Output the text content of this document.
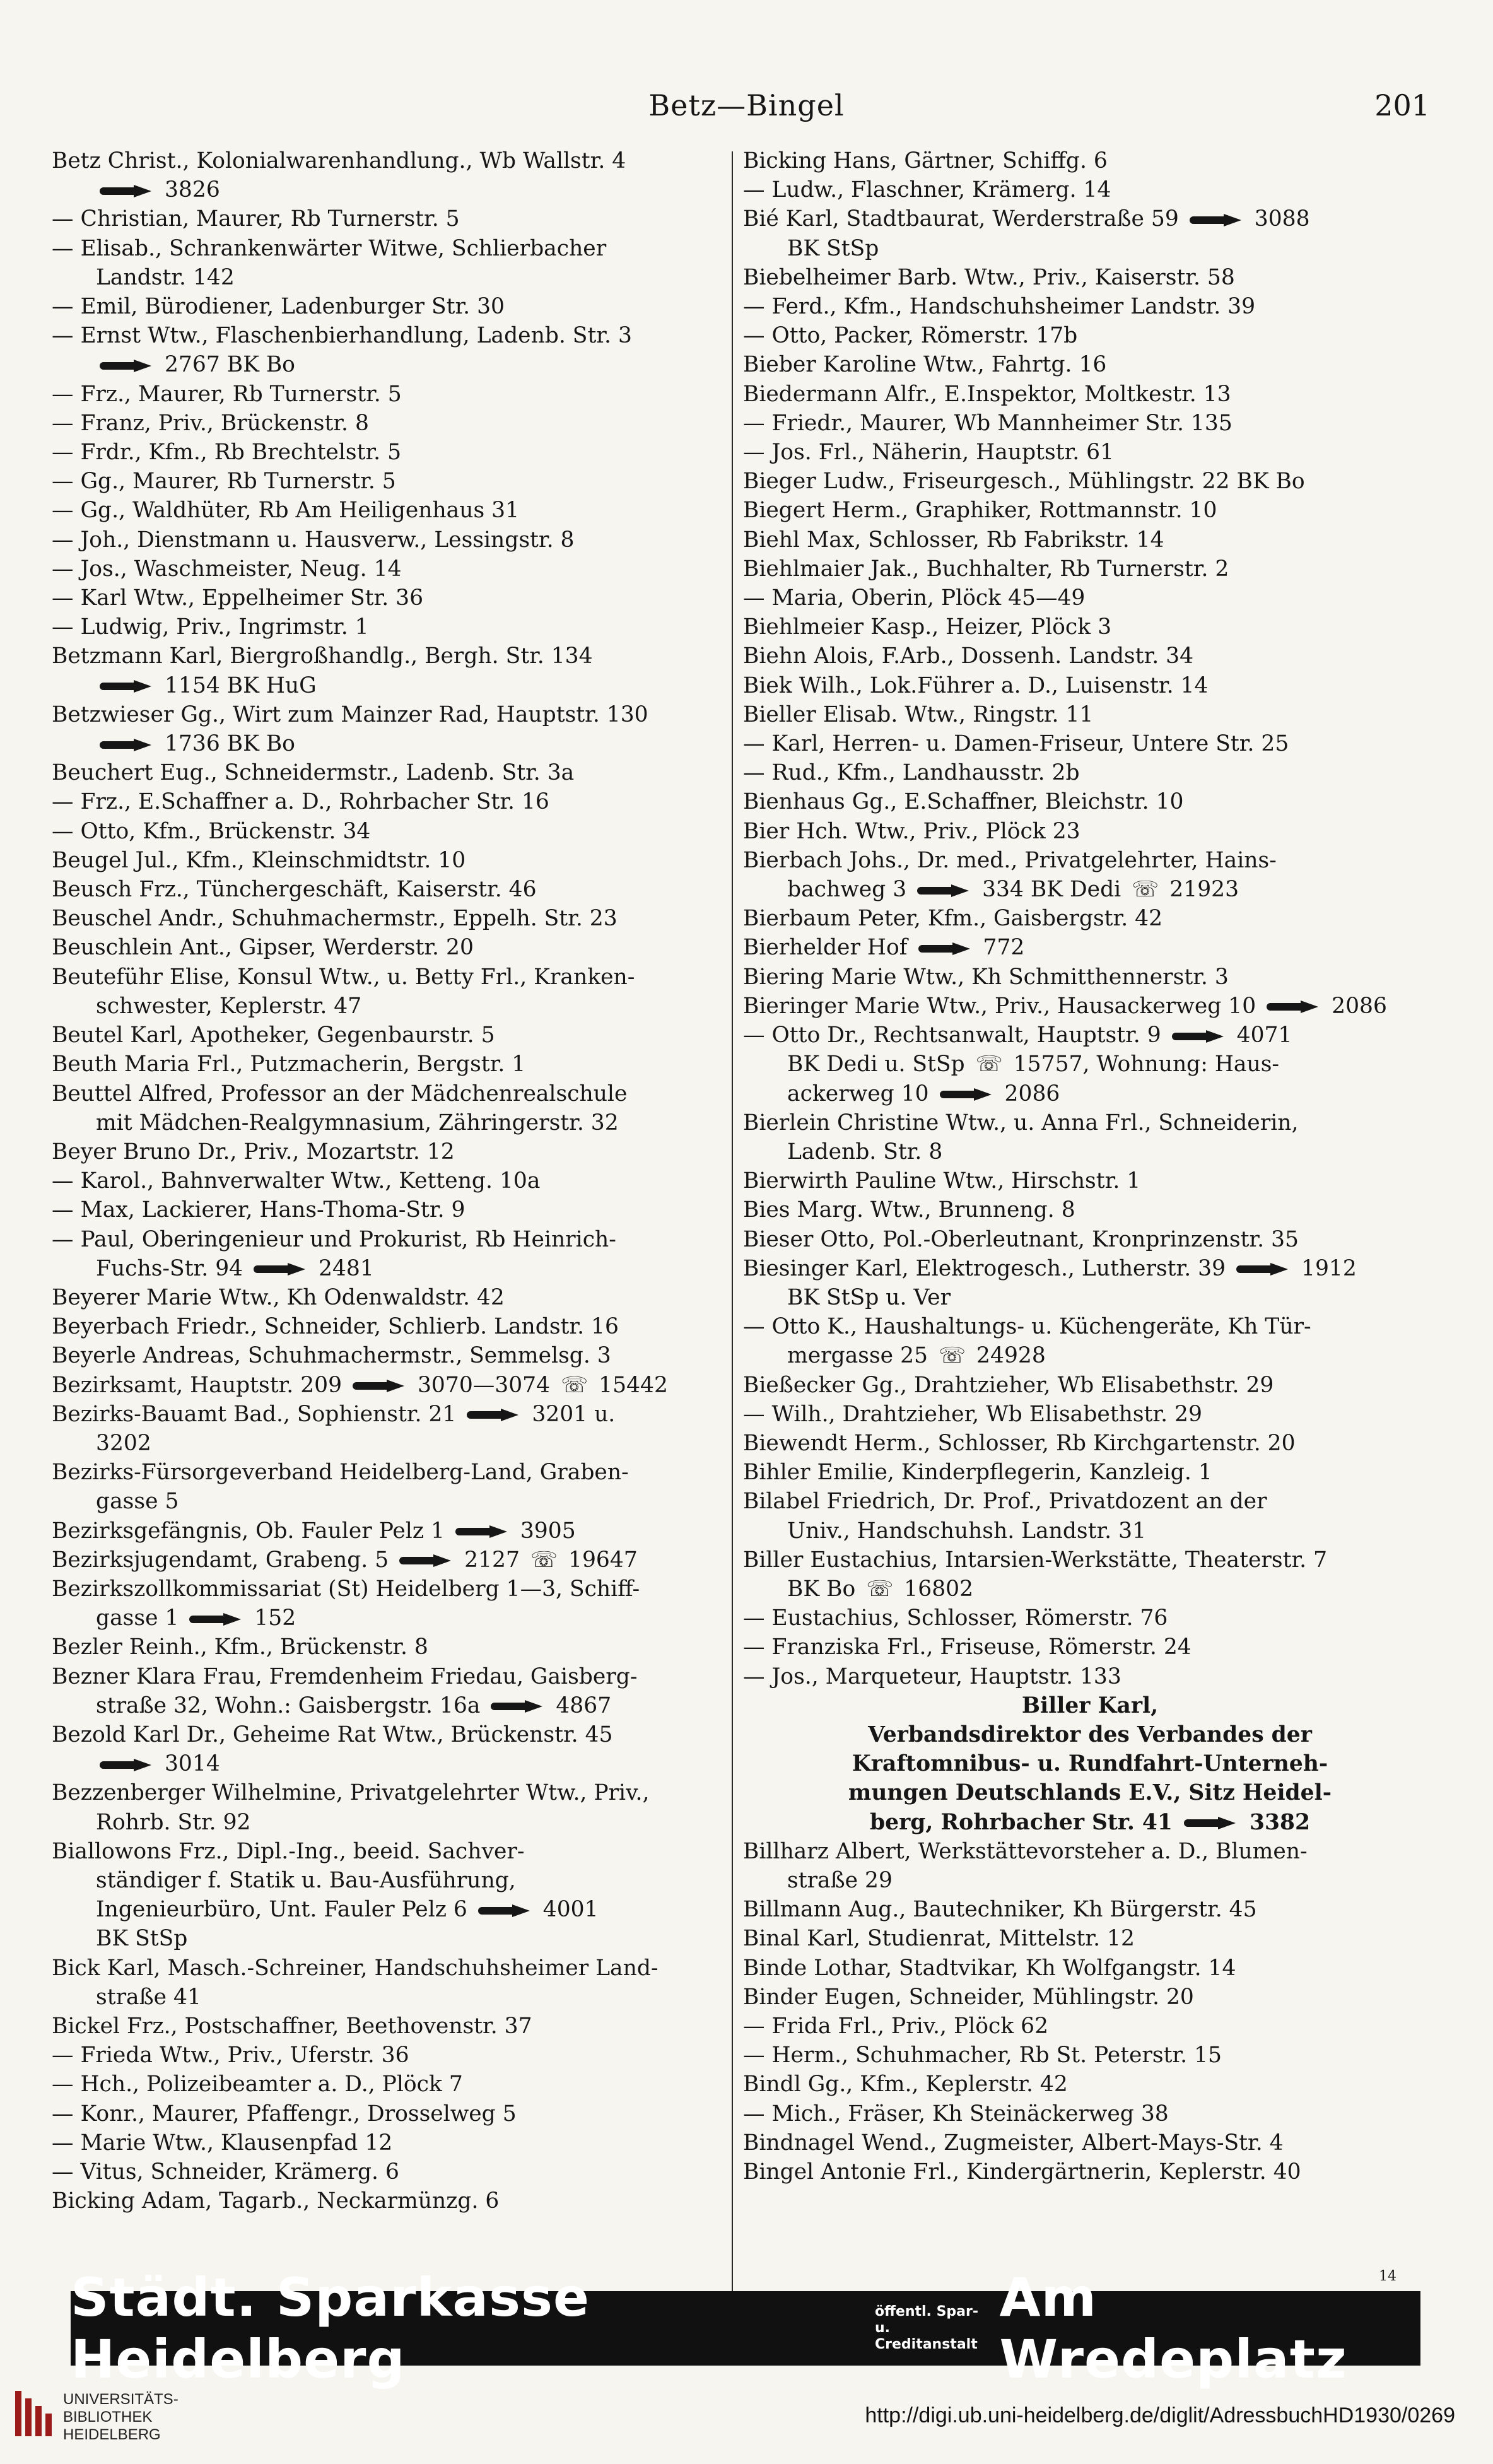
Betz—Bingel	201
Betz Christ., Kolonialwarenhandlung., Wb Wallstr. 4
3826
— Christian, Maurer, Rb Turnerstr. 5
— Elisab., Schrankenwärter Witwe, Schlierbacher
Landstr. 142
— Emil, Bürodiener, Ladenburger Str. 30
— Ernst Wtw., Flaschenbierhandlung, Ladenb. Str. 3
2767 BK Bo
— Frz., Maurer, Rb Turnerstr. 5
— Franz, Priv., Brückenstr. 8
— Frdr., Kfm., Rb Brechtelstr. 5
— Gg., Maurer, Rb Turnerstr. 5
— Gg., Waldhüter, Rb Am Heiligenhaus 31
— Joh., Dienstmann u. Hausverw., Lessingstr. 8
— Jos., Waschmeister, Neug. 14
— Karl Wtw., Eppelheimer Str. 36
— Ludwig, Priv., Ingrimstr. 1
Betzmann Karl, Biergroßhandlg., Bergh. Str. 134
1154 BK HuG
Betzwieser Gg., Wirt zum Mainzer Rad, Hauptstr. 130
1736 BK Bo
Beuchert Eug., Schneidermstr., Ladenb. Str. 3a
— Frz., E.Schaffner a. D., Rohrbacher Str. 16
— Otto, Kfm., Brückenstr. 34
Beugel Jul., Kfm., Kleinschmidtstr. 10
Beusch Frz., Tünchergeschäft, Kaiserstr. 46
Beuschel Andr., Schuhmachermstr., Eppelh. Str. 23
Beuschlein Ant., Gipser, Werderstr. 20
Beuteführ Elise, Konsul Wtw., u. Betty Frl., Kranken-
schwester, Keplerstr. 47
Beutel Karl, Apotheker, Gegenbaurstr. 5
Beuth Maria Frl., Putzmacherin, Bergstr. 1
Beuttel Alfred, Professor an der Mädchenrealschule
mit Mädchen-Realgymnasium, Zähringerstr. 32
Beyer Bruno Dr., Priv., Mozartstr. 12
— Karol., Bahnverwalter Wtw., Ketteng. 10a
— Max, Lackierer, Hans-Thoma-Str. 9
— Paul, Oberingenieur und Prokurist, Rb Heinrich-
Fuchs-Str. 94	2481
Beyerer Marie Wtw., Kh Odenwaldstr. 42
Beyerbach Friedr., Schneider, Schlierb. Landstr. 16
Beyerle Andreas, Schuhmachermstr., Semmelsg. 3
Bezirksamt, Hauptstr. 209	3070—3074 ☏ 15442
Bezirks-Bauamt Bad., Sophienstr. 21	3201 u.
3202
Bezirks-Fürsorgeverband Heidelberg-Land, Graben-
gasse 5
Bezirksgefängnis, Ob. Fauler Pelz 1	3905
Bezirksjugendamt, Grabeng. 5	2127 ☏ 19647
Bezirkszollkommissariat (St) Heidelberg 1—3, Schiff-
gasse 1	152
Bezler Reinh., Kfm., Brückenstr. 8
Bezner Klara Frau, Fremdenheim Friedau, Gaisberg-
straße 32, Wohn.: Gaisbergstr. 16a	4867
Bezold Karl Dr., Geheime Rat Wtw., Brückenstr. 45
3014
Bezzenberger Wilhelmine, Privatgelehrter Wtw., Priv.,
Rohrb. Str. 92
Biallowons Frz., Dipl.-Ing., beeid. Sachver-
ständiger f. Statik u. Bau-Ausführung,
Ingenieurbüro, Unt. Fauler Pelz 6	4001
BK StSp
Bick Karl, Masch.-Schreiner, Handschuhsheimer Land-
straße 41
Bickel Frz., Postschaffner, Beethovenstr. 37
— Frieda Wtw., Priv., Uferstr. 36
— Hch., Polizeibeamter a. D., Plöck 7
— Konr., Maurer, Pfaffengr., Drosselweg 5
— Marie Wtw., Klausenpfad 12
— Vitus, Schneider, Krämerg. 6
Bicking Adam, Tagarb., Neckarmünzg. 6
Bicking Hans, Gärtner, Schiffg. 6
— Ludw., Flaschner, Krämerg. 14
Bié Karl, Stadtbaurat, Werderstraße 59	3088
BK StSp
Biebelheimer Barb. Wtw., Priv., Kaiserstr. 58
— Ferd., Kfm., Handschuhsheimer Landstr. 39
— Otto, Packer, Römerstr. 17b
Bieber Karoline Wtw., Fahrtg. 16
Biedermann Alfr., E.Inspektor, Moltkestr. 13
— Friedr., Maurer, Wb Mannheimer Str. 135
— Jos. Frl., Näherin, Hauptstr. 61
Bieger Ludw., Friseurgesch., Mühlingstr. 22 BK Bo
Biegert Herm., Graphiker, Rottmannstr. 10
Biehl Max, Schlosser, Rb Fabrikstr. 14
Biehlmaier Jak., Buchhalter, Rb Turnerstr. 2
— Maria, Oberin, Plöck 45—49
Biehlmeier Kasp., Heizer, Plöck 3
Biehn Alois, F.Arb., Dossenh. Landstr. 34
Biek Wilh., Lok.Führer a. D., Luisenstr. 14
Bieller Elisab. Wtw., Ringstr. 11
— Karl, Herren- u. Damen-Friseur, Untere Str. 25
— Rud., Kfm., Landhausstr. 2b
Bienhaus Gg., E.Schaffner, Bleichstr. 10
Bier Hch. Wtw., Priv., Plöck 23
Bierbach Johs., Dr. med., Privatgelehrter, Hains-
bachweg 3	334 BK Dedi ☏ 21923
Bierbaum Peter, Kfm., Gaisbergstr. 42
Bierhelder Hof	772
Biering Marie Wtw., Kh Schmitthennerstr. 3
Bieringer Marie Wtw., Priv., Hausackerweg 10	2086
— Otto Dr., Rechtsanwalt, Hauptstr. 9	4071
BK Dedi u. StSp ☏ 15757, Wohnung: Haus-
ackerweg 10	2086
Bierlein Christine Wtw., u. Anna Frl., Schneiderin,
Ladenb. Str. 8
Bierwirth Pauline Wtw., Hirschstr. 1
Bies Marg. Wtw., Brunneng. 8
Bieser Otto, Pol.-Oberleutnant, Kronprinzenstr. 35
Biesinger Karl, Elektrogesch., Lutherstr. 39	1912
BK StSp u. Ver
— Otto K., Haushaltungs- u. Küchengeräte, Kh Tür-
mergasse 25 ☏ 24928
Bießecker Gg., Drahtzieher, Wb Elisabethstr. 29
— Wilh., Drahtzieher, Wb Elisabethstr. 29
Biewendt Herm., Schlosser, Rb Kirchgartenstr. 20
Bihler Emilie, Kinderpflegerin, Kanzleig. 1
Bilabel Friedrich, Dr. Prof., Privatdozent an der
Univ., Handschuhsh. Landstr. 31
Biller Eustachius, Intarsien-Werkstätte, Theaterstr. 7
BK Bo ☏ 16802
— Eustachius, Schlosser, Römerstr. 76
— Franziska Frl., Friseuse, Römerstr. 24
— Jos., Marqueteur, Hauptstr. 133
Biller Karl,
Verbandsdirektor des Verbandes der
Kraftomnibus- u. Rundfahrt-Unterneh-
mungen Deutschlands E.V., Sitz Heidel-
berg, Rohrbacher Str. 41	3382
Billharz Albert, Werkstättevorsteher a. D., Blumen-
straße 29
Billmann Aug., Bautechniker, Kh Bürgerstr. 45
Binal Karl, Studienrat, Mittelstr. 12
Binde Lothar, Stadtvikar, Kh Wolfgangstr. 14
Binder Eugen, Schneider, Mühlingstr. 20
— Frida Frl., Priv., Plöck 62
— Herm., Schuhmacher, Rb St. Peterstr. 15
Bindl Gg., Kfm., Keplerstr. 42
— Mich., Fräser, Kh Steinäckerweg 38
Bindnagel Wend., Zugmeister, Albert-Mays-Str. 4
Bingel Antonie Frl., Kindergärtnerin, Keplerstr. 40
14
Städt. Sparkasse Heidelberg
öffentl. Spar- u.
Creditanstalt
Am Wredeplatz
UNIVERSITÄTS-
BIBLIOTHEK
HEIDELBERG
http://digi.ub.uni-heidelberg.de/diglit/AdressbuchHD1930/0269
